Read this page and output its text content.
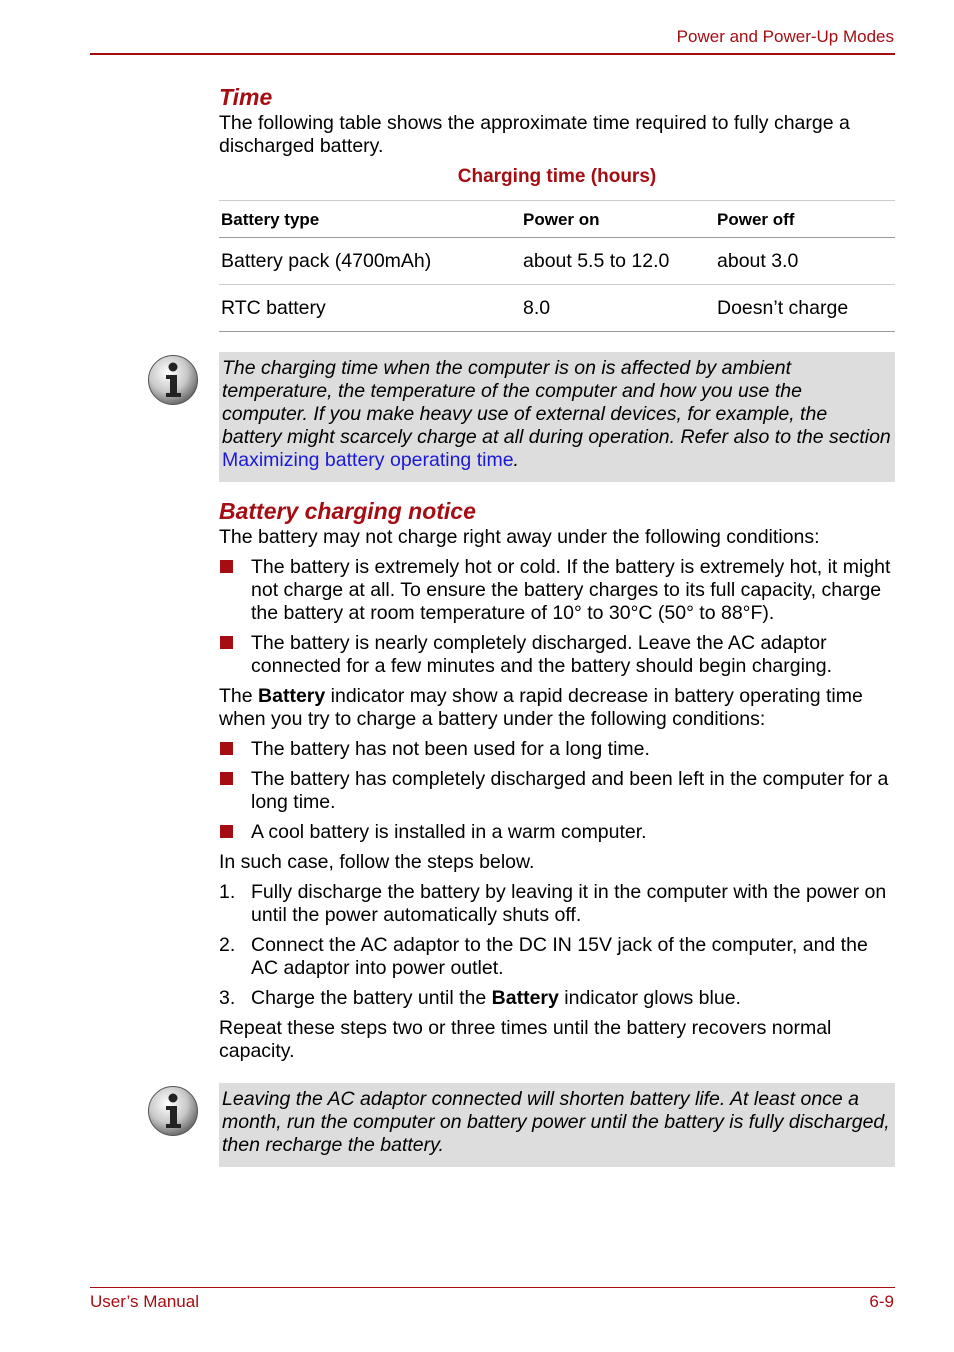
Power and Power-Up Modes
Time

The following table shows the approximate time required to fully charge a discharged battery.

Charging time (hours)
Battery type	Power on	Power off
Battery pack (4700mAh)	about 5.5 to 12.0	about 3.0
RTC battery	8.0	Doesn’t charge
The charging time when the computer is on is affected by ambient temperature, the temperature of the computer and how you use the computer. If you make heavy use of external devices, for example, the battery might scarcely charge at all during operation. Refer also to the section Maximizing battery operating time.
Battery charging notice

The battery may not charge right away under the following conditions:

The battery is extremely hot or cold. If the battery is extremely hot, it might not charge at all. To ensure the battery charges to its full capacity, charge the battery at room temperature of 10° to 30°C (50° to 88°F).
The battery is nearly completely discharged. Leave the AC adaptor connected for a few minutes and the battery should begin charging.

The Battery indicator may show a rapid decrease in battery operating time when you try to charge a battery under the following conditions:

The battery has not been used for a long time.
The battery has completely discharged and been left in the computer for a long time.
A cool battery is installed in a warm computer.

In such case, follow the steps below.

1. Fully discharge the battery by leaving it in the computer with the power on until the power automatically shuts off.
2. Connect the AC adaptor to the DC IN 15V jack of the computer, and the AC adaptor into power outlet.
3. Charge the battery until the Battery indicator glows blue.

Repeat these steps two or three times until the battery recovers normal capacity.

Leaving the AC adaptor connected will shorten battery life. At least once a month, run the computer on battery power until the battery is fully discharged, then recharge the battery.
User’s Manual	6-9
